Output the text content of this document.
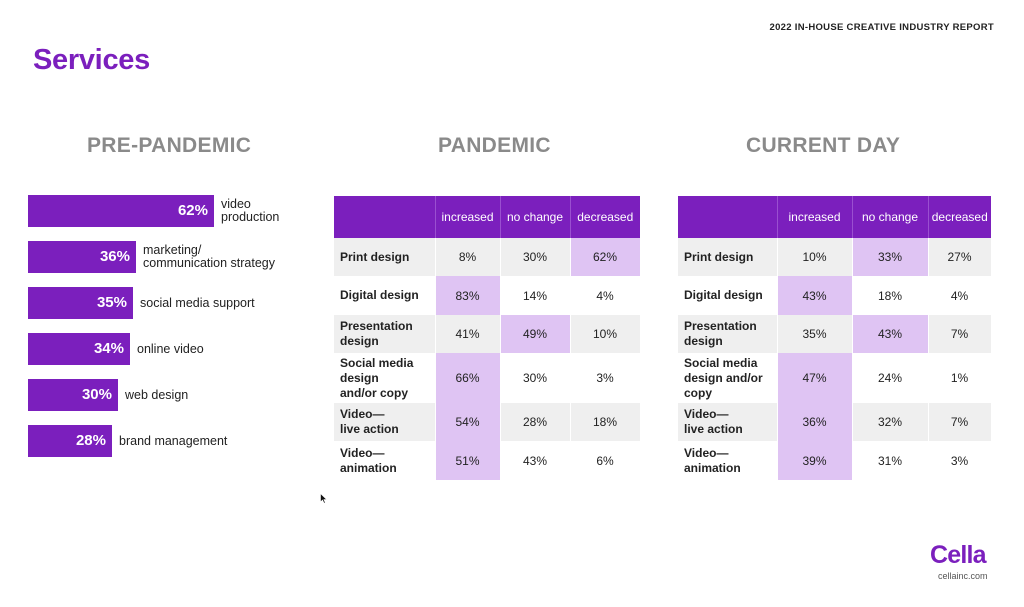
2022 IN-HOUSE CREATIVE INDUSTRY REPORT
Services
PRE-PANDEMIC	PANDEMIC	CURRENT DAY
62% video
production
36% marketing/
communication strategy
35% social media support
34% online video
30% web design
28% brand management
	increased	no change	decreased
Print design	8%	30%	62%
Digital design	83%	14%	4%
Presentation
design	41%	49%	10%
Social media
design
and/or copy	66%	30%	3%
Video—
live action	54%	28%	18%
Video—
animation	51%	43%	6%
	increased	no change	decreased
Print design	10%	33%	27%
Digital design	43%	18%	4%
Presentation
design	35%	43%	7%
Social media
design and/or
copy	47%	24%	1%
Video—
live action	36%	32%	7%
Video—
animation	39%	31%	3%
Cella
cellainc.com
